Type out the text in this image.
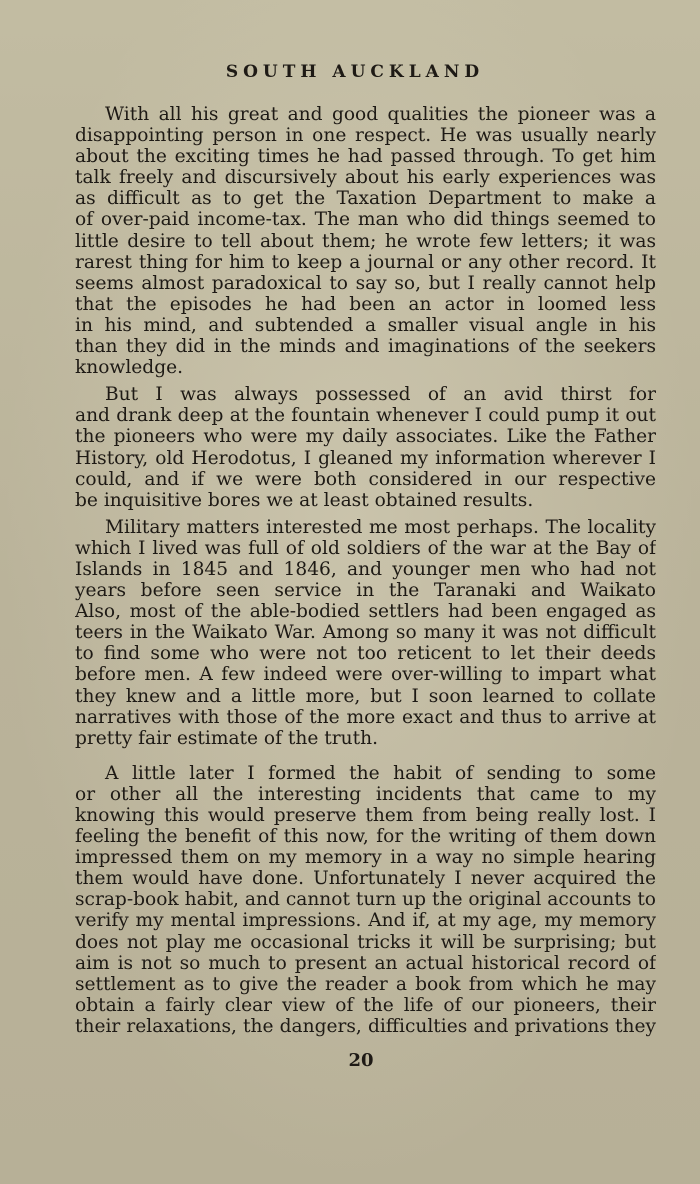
SOUTH AUCKLAND
With all his great and good qualities the pioneer was a
disappointing person in one respect. He was usually nearly
about the exciting times he had passed through. To get him
talk freely and discursively about his early experiences was
as difficult as to get the Taxation Department to make a
of over-paid income-tax. The man who did things seemed to
little desire to tell about them; he wrote few letters; it was
rarest thing for him to keep a journal or any other record. It
seems almost paradoxical to say so, but I really cannot help
that the episodes he had been an actor in loomed less
in his mind, and subtended a smaller visual angle in his
than they did in the minds and imaginations of the seekers
knowledge.
But I was always possessed of an avid thirst for
and drank deep at the fountain whenever I could pump it out
the pioneers who were my daily associates. Like the Father
History, old Herodotus, I gleaned my information wherever I
could, and if we were both considered in our respective
be inquisitive bores we at least obtained results.
Military matters interested me most perhaps. The locality
which I lived was full of old soldiers of the war at the Bay of
Islands in 1845 and 1846, and younger men who had not
years before seen service in the Taranaki and Waikato
Also, most of the able-bodied settlers had been engaged as
teers in the Waikato War. Among so many it was not difficult
to find some who were not too reticent to let their deeds
before men. A few indeed were over-willing to impart what
they knew and a little more, but I soon learned to collate
narratives with those of the more exact and thus to arrive at
pretty fair estimate of the truth.
A little later I formed the habit of sending to some
or other all the interesting incidents that came to my
knowing this would preserve them from being really lost. I
feeling the benefit of this now, for the writing of them down
impressed them on my memory in a way no simple hearing
them would have done. Unfortunately I never acquired the
scrap-book habit, and cannot turn up the original accounts to
verify my mental impressions. And if, at my age, my memory
does not play me occasional tricks it will be surprising; but
aim is not so much to present an actual historical record of
settlement as to give the reader a book from which he may
obtain a fairly clear view of the life of our pioneers, their
their relaxations, the dangers, difficulties and privations they
20
